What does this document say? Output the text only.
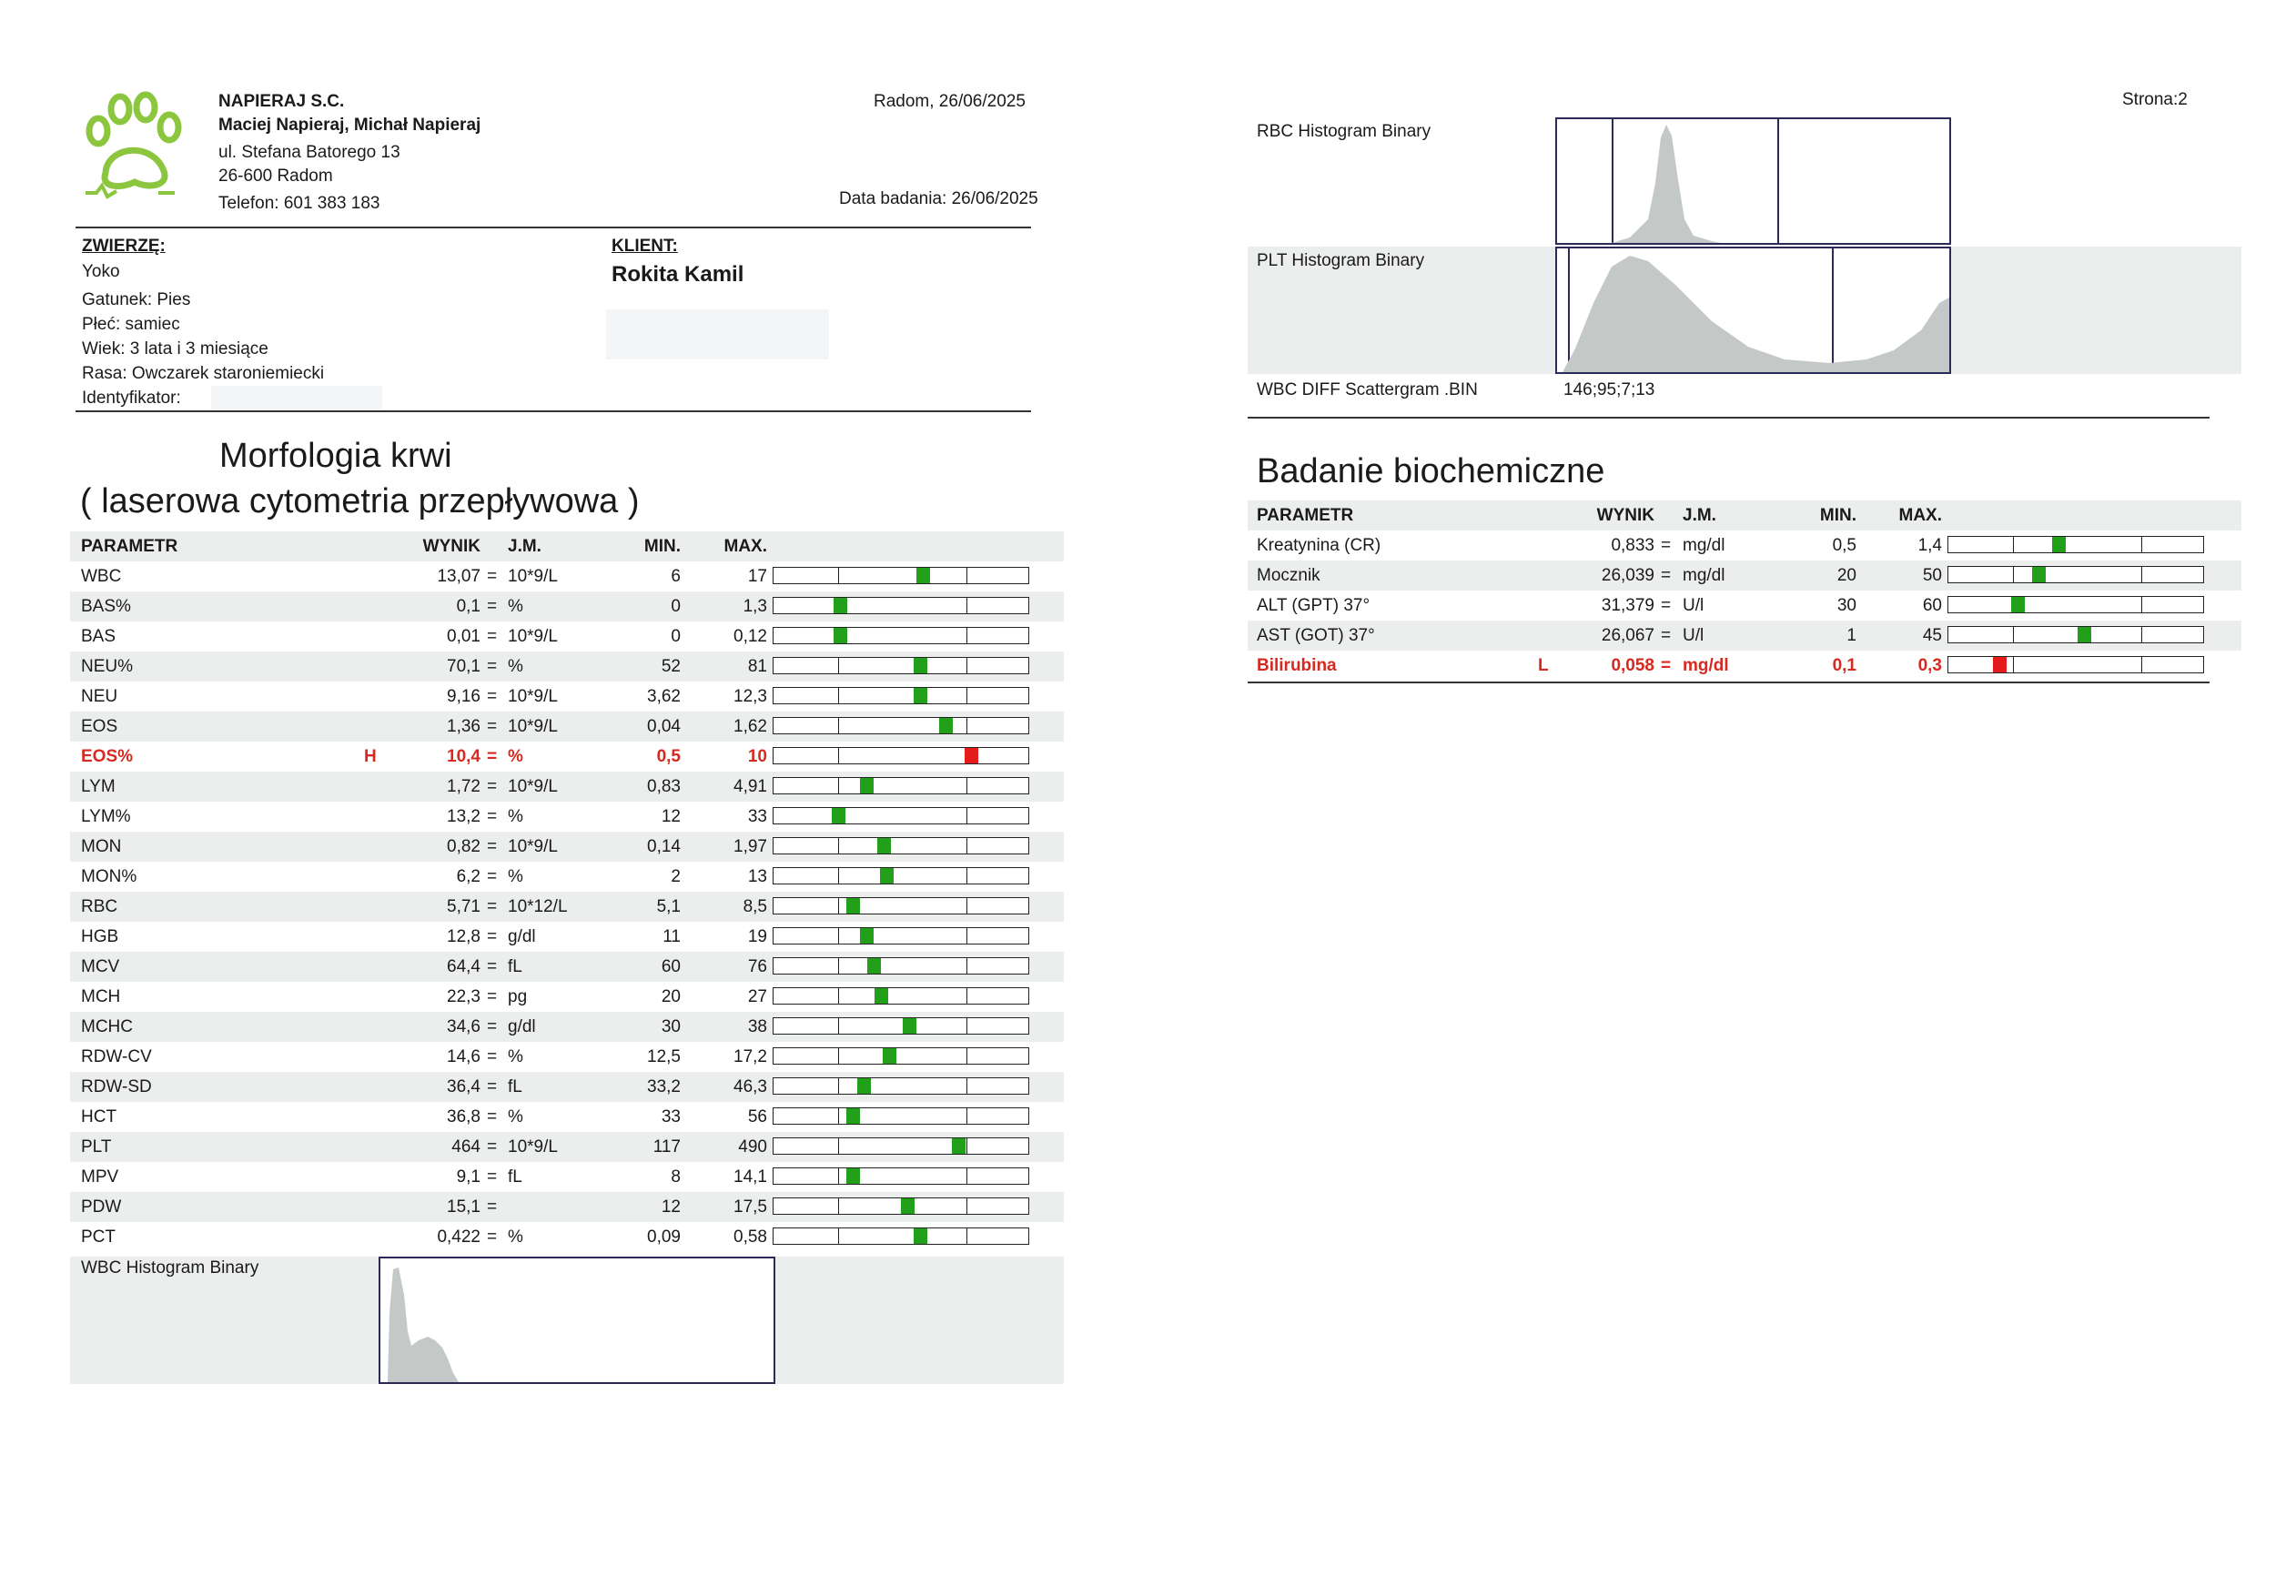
NAPIERAJ S.C.
Maciej Napieraj, Michał Napieraj
ul. Stefana Batorego 13
26-600 Radom
Telefon: 601 383 183
Radom, 26/06/2025
Data badania: 26/06/2025
Strona:2
ZWIERZĘ:
Yoko
Gatunek: Pies
Płeć: samiec
Wiek: 3 lata i 3 miesiące
Rasa: Owczarek staroniemiecki
Identyfikator:
KLIENT:
Rokita Kamil
Morfologia krwi
( laserowa cytometria przepływowa )
PARAMETR	WYNIK J.M.	MIN.	MAX.
WBC	13,07 = 10*9/L	6	17
BAS%	0,1 = %	0	1,3
BAS	0,01 = 10*9/L	0	0,12
NEU%	70,1 = %	52	81
NEU	9,16 = 10*9/L	3,62	12,3
EOS	1,36 = 10*9/L	0,04	1,62
EOS%	H	10,4 = %	0,5	10
LYM	1,72 = 10*9/L	0,83	4,91
LYM%	13,2 = %	12	33
MON	0,82 = 10*9/L	0,14	1,97
MON%	6,2 = %	2	13
RBC	5,71 = 10*12/L	5,1	8,5
HGB	12,8 = g/dl	11	19
MCV	64,4 = fL	60	76
MCH	22,3 = pg	20	27
MCHC	34,6 = g/dl	30	38
RDW-CV	14,6 = %	12,5	17,2
RDW-SD	36,4 = fL	33,2	46,3
HCT	36,8 = %	33	56
PLT	464 = 10*9/L	117	490
MPV	9,1 = fL	8	14,1
PDW	15,1 =	12	17,5
PCT	0,422 = %	0,09	0,58
WBC Histogram Binary
RBC Histogram Binary
PLT Histogram Binary
WBC DIFF Scattergram .BIN	146;95;7;13
Badanie biochemiczne
PARAMETR	WYNIK J.M.	MIN. MAX.
Kreatynina (CR)	0,833 = mg/dl	0,5	1,4
Mocznik	26,039 = mg/dl	20	50
ALT (GPT) 37°	31,379 = U/l	30	60
AST (GOT) 37°	26,067 = U/l	1	45
Bilirubina	L	0,058 = mg/dl	0,1	0,3
